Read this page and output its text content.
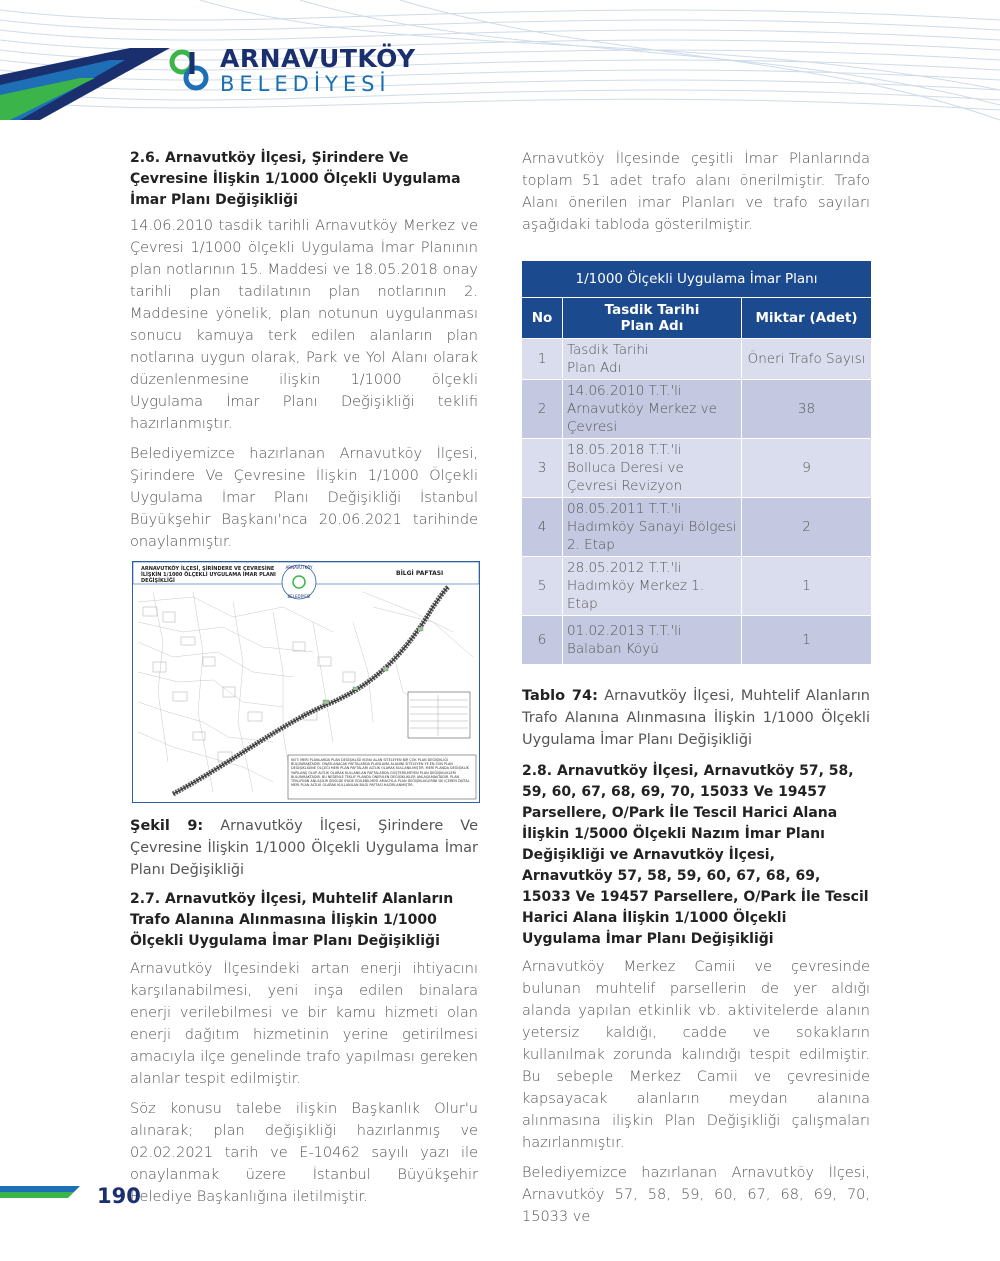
ARNAVUTKÖY
BELEDİYESİ

2.6. Arnavutköy İlçesi, Şirindere Ve Çevresine İlişkin 1/1000 Ölçekli Uygulama İmar Planı Değişikliği

14.06.2010 tasdik tarihli Arnavutköy Merkez ve Çevresi 1/1000 ölçekli Uygulama İmar Planının plan notlarının 15. Maddesi ve 18.05.2018 onay tarihli plan tadilatının plan notlarının 2. Maddesine yönelik, plan notunun uygulanması sonucu kamuya terk edilen alanların plan notlarına uygun olarak, Park ve Yol Alanı olarak düzenlenmesine ilişkin 1/1000 ölçekli Uygulama İmar Planı Değişikliği teklifi hazırlanmıştır.

Belediyemizce hazırlanan Arnavutköy İlçesi, Şirindere Ve Çevresine İlişkin 1/1000 Ölçekli Uygulama İmar Planı Değişikliği İstanbul Büyükşehir Başkanı'nca 20.06.2021 tarihinde onaylanmıştır.

ARNAVUTKÖY
BELEDİYESİ
ARNAVUTKÖY İLÇESİ, ŞİRİNDERE VE ÇEVRESİNE İLİŞKİN 1/1000 ÖLÇEKLİ UYGULAMA İMAR PLANI DEĞİŞİKLİĞİ
BİLGİ PAFTASI
NOT: MERİ PLANLARDA PLAN DEĞİŞİKLİĞİ KONU ALAN SİTELEYEN BİR ÇOK PLAN DEĞİŞİKLİĞİ BULUNMAKTADIR. ONAYLANACAK PAFTALARDA PLANLAMA ALANINI SİTELEYEN YE EN SON PLAN DEĞİŞİKLİĞİNE ÖLÇEĞİ MERİ PLAN PAFTALARI ALTLIK OLARAK KULLANILMIŞTIR. MERİ PLANDA DEĞİŞİKLİK YAPILANŞ OLUP ALTLIK OLARAK KULLANILAN PAFTALARDA GÖSTERİLMEYEN PLAN DEĞİŞİKLİKLERİ BULUNMAKTADIR. BU NEDENLE TEKLİF PLANDA ÖNERİLEN DEĞİŞİKLİKLER ANLAŞILMAKTADIR. PLAN TEKLİFİNİN ANLAŞILIR ŞEKİLDE İFADE EDİLEBİLMESİ AMACIYLA PLAN DEĞİŞİKLİKLERİNİ DE İÇEREN DİJİTAL MERİ PLAN ALTLIK OLARAK KULLANILAN BİLGİ PAFTASI HAZIRLANMIŞTIR.

Şekil 9: Arnavutköy İlçesi, Şirindere Ve Çevresine İlişkin 1/1000 Ölçekli Uygulama İmar Planı Değişikliği

2.7. Arnavutköy İlçesi, Muhtelif Alanların Trafo Alanına Alınmasına İlişkin 1/1000 Ölçekli Uygulama İmar Planı Değişikliği

Arnavutköy İlçesindeki artan enerji ihtiyacını karşılanabilmesi, yeni inşa edilen binalara enerji verilebilmesi ve bir kamu hizmeti olan enerji dağıtım hizmetinin yerine getirilmesi amacıyla ilçe genelinde trafo yapılması gereken alanlar tespit edilmiştir.

Söz konusu talebe ilişkin Başkanlık Olur'u alınarak; plan değişikliği hazırlanmış ve 02.02.2021 tarih ve E-10462 sayılı yazı ile onaylanmak üzere İstanbul Büyükşehir Belediye Başkanlığına iletilmiştir.

Arnavutköy İlçesinde çeşitli İmar Planlarında toplam 51 adet trafo alanı önerilmiştir. Trafo Alanı önerilen imar Planları ve trafo sayıları aşağıdaki tabloda gösterilmiştir.

1/1000 Ölçekli Uygulama İmar Planı		
No	Tasdik Tarihi
Plan Adı	Miktar (Adet)
1	Tasdik Tarihi
Plan Adı	Öneri Trafo Sayısı
2	14.06.2010 T.T.'li
Arnavutköy Merkez ve Çevresi	38
3	18.05.2018 T.T.'li
Bolluca Deresi ve Çevresi Revizyon	9
4	08.05.2011 T.T.'li
Hadımköy Sanayi Bölgesi 2. Etap	2
5	28.05.2012 T.T.'li
Hadımköy Merkez 1. Etap	1
6	01.02.2013 T.T.'li
Balaban Köyü	1

Tablo 74: Arnavutköy İlçesi, Muhtelif Alanların Trafo Alanına Alınmasına İlişkin 1/1000 Ölçekli Uygulama İmar Planı Değişikliği

2.8. Arnavutköy İlçesi, Arnavutköy 57, 58, 59, 60, 67, 68, 69, 70, 15033 Ve 19457 Parsellere, O/Park İle Tescil Harici Alana İlişkin 1/5000 Ölçekli Nazım İmar Planı Değişikliği ve Arnavutköy İlçesi, Arnavutköy 57, 58, 59, 60, 67, 68, 69, 15033 Ve 19457 Parsellere, O/Park İle Tescil Harici Alana İlişkin 1/1000 Ölçekli Uygulama İmar Planı Değişikliği

Arnavutköy Merkez Camii ve çevresinde bulunan muhtelif parsellerin de yer aldığı alanda yapılan etkinlik vb. aktivitelerde alanın yetersiz kaldığı, cadde ve sokakların kullanılmak zorunda kalındığı tespit edilmiştir. Bu sebeple Merkez Camii ve çevresinide kapsayacak alanların meydan alanına alınmasına ilişkin Plan Değişikliği çalışmaları hazırlanmıştır.

Belediyemizce hazırlanan Arnavutköy İlçesi, Arnavutköy 57, 58, 59, 60, 67, 68, 69, 70, 15033 ve

190
